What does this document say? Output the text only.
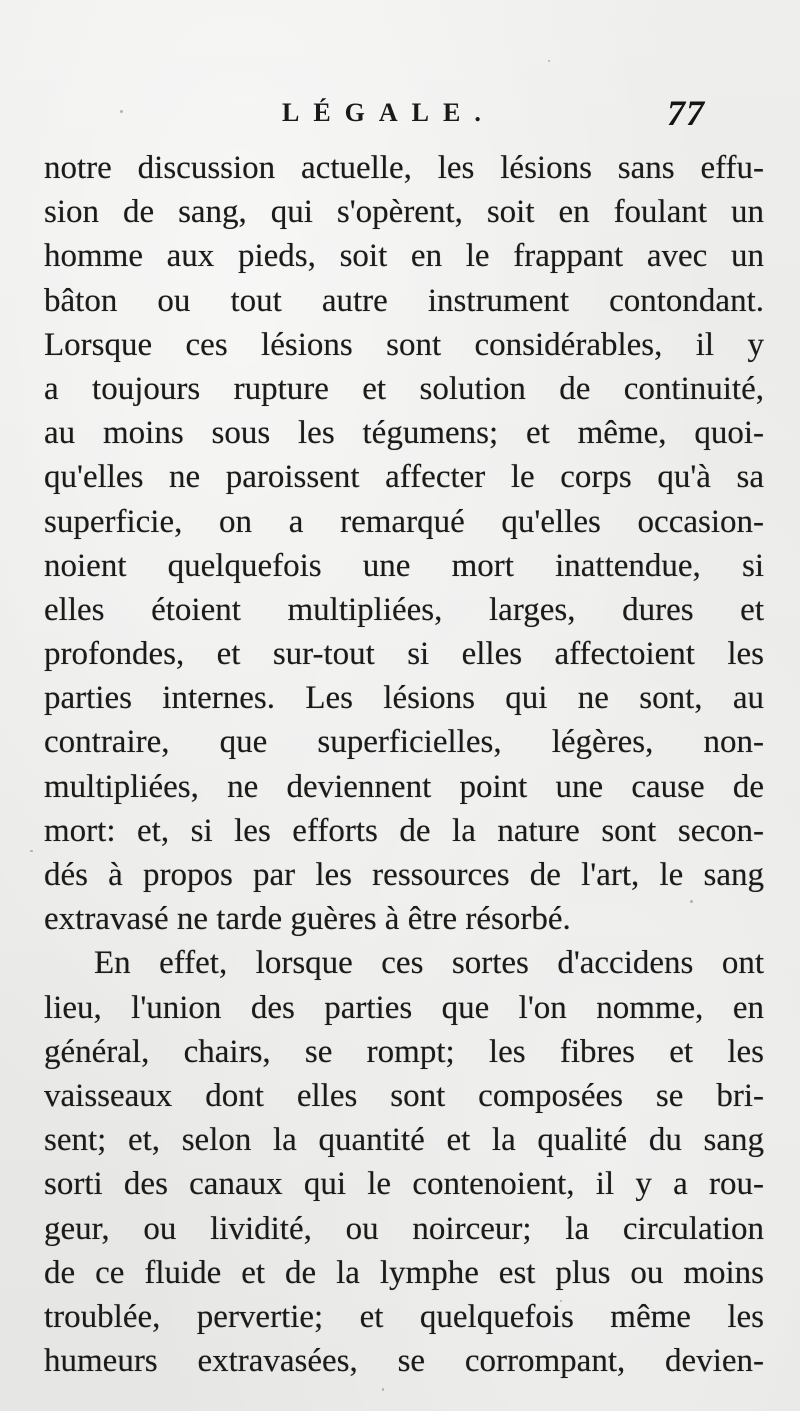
LÉGALE.	77
notre discussion actuelle, les lésions sans effu-
sion de sang, qui s'opèrent, soit en foulant un
homme aux pieds, soit en le frappant avec un
bâton ou tout autre instrument contondant.
Lorsque ces lésions sont considérables, il y
a toujours rupture et solution de continuité,
au moins sous les tégumens; et même, quoi-
qu'elles ne paroissent affecter le corps qu'à sa
superficie, on a remarqué qu'elles occasion-
noient quelquefois une mort inattendue, si
elles étoient multipliées, larges, dures et
profondes, et sur-tout si elles affectoient les
parties internes. Les lésions qui ne sont, au
contraire, que superficielles, légères, non-
multipliées, ne deviennent point une cause de
mort: et, si les efforts de la nature sont secon-
dés à propos par les ressources de l'art, le sang
extravasé ne tarde guères à être résorbé.
En effet, lorsque ces sortes d'accidens ont
lieu, l'union des parties que l'on nomme, en
général, chairs, se rompt; les fibres et les
vaisseaux dont elles sont composées se bri-
sent; et, selon la quantité et la qualité du sang
sorti des canaux qui le contenoient, il y a rou-
geur, ou lividité, ou noirceur; la circulation
de ce fluide et de la lymphe est plus ou moins
troublée, pervertie; et quelquefois même les
humeurs extravasées, se corrompant, devien-
